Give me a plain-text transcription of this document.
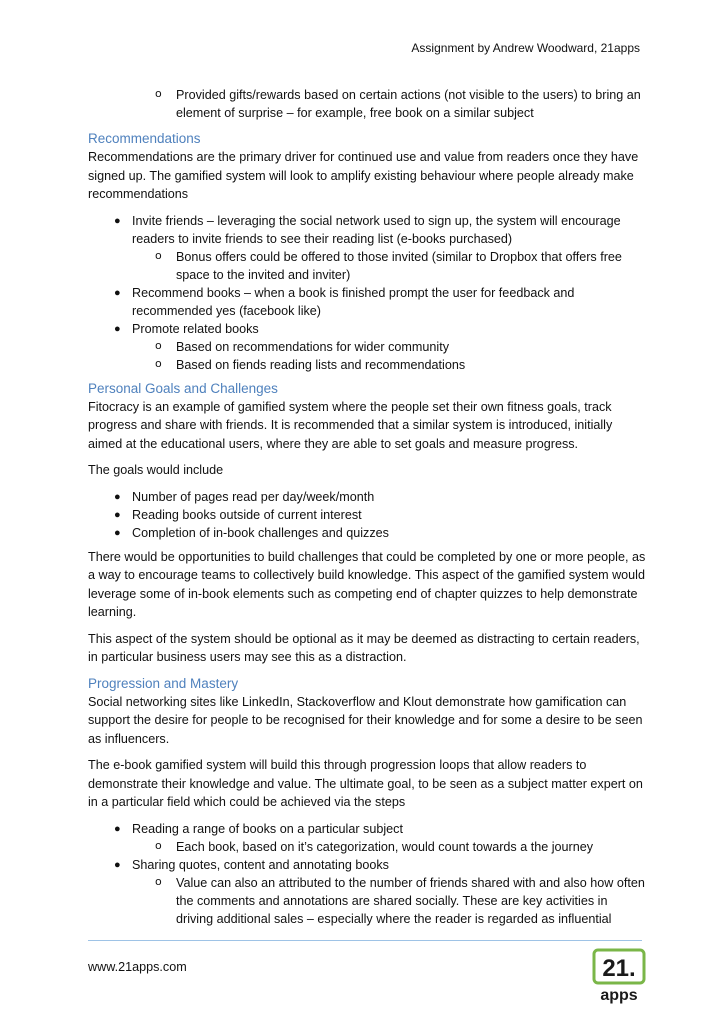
Assignment by Andrew Woodward, 21apps
o Provided gifts/rewards based on certain actions (not visible to the users) to bring an element of surprise – for example, free book on a similar subject
Recommendations

Recommendations are the primary driver for continued use and value from readers once they have signed up. The gamified system will look to amplify existing behaviour where people already make recommendations

● Invite friends – leveraging the social network used to sign up, the system will encourage readers to invite friends to see their reading list (e-books purchased)
o Bonus offers could be offered to those invited (similar to Dropbox that offers free space to the invited and inviter)
● Recommend books – when a book is finished prompt the user for feedback and recommended yes (facebook like)
● Promote related books
o Based on recommendations for wider community
o Based on fiends reading lists and recommendations
Personal Goals and Challenges

Fitocracy is an example of gamified system where the people set their own fitness goals, track progress and share with friends. It is recommended that a similar system is introduced, initially aimed at the educational users, where they are able to set goals and measure progress.

The goals would include

● Number of pages read per day/week/month
● Reading books outside of current interest
● Completion of in-book challenges and quizzes

There would be opportunities to build challenges that could be completed by one or more people, as a way to encourage teams to collectively build knowledge. This aspect of the gamified system would leverage some of in-book elements such as competing end of chapter quizzes to help demonstrate learning.

This aspect of the system should be optional as it may be deemed as distracting to certain readers, in particular business users may see this as a distraction.

Progression and Mastery

Social networking sites like LinkedIn, Stackoverflow and Klout demonstrate how gamification can support the desire for people to be recognised for their knowledge and for some a desire to be seen as influencers.

The e-book gamified system will build this through progression loops that allow readers to demonstrate their knowledge and value. The ultimate goal, to be seen as a subject matter expert on in a particular field which could be achieved via the steps

● Reading a range of books on a particular subject
o Each book, based on it’s categorization, would count towards a the journey
● Sharing quotes, content and annotating books
o Value can also an attributed to the number of friends shared with and also how often the comments and annotations are shared socially. These are key activities in driving additional sales – especially where the reader is regarded as influential
www.21apps.com	21.
apps
